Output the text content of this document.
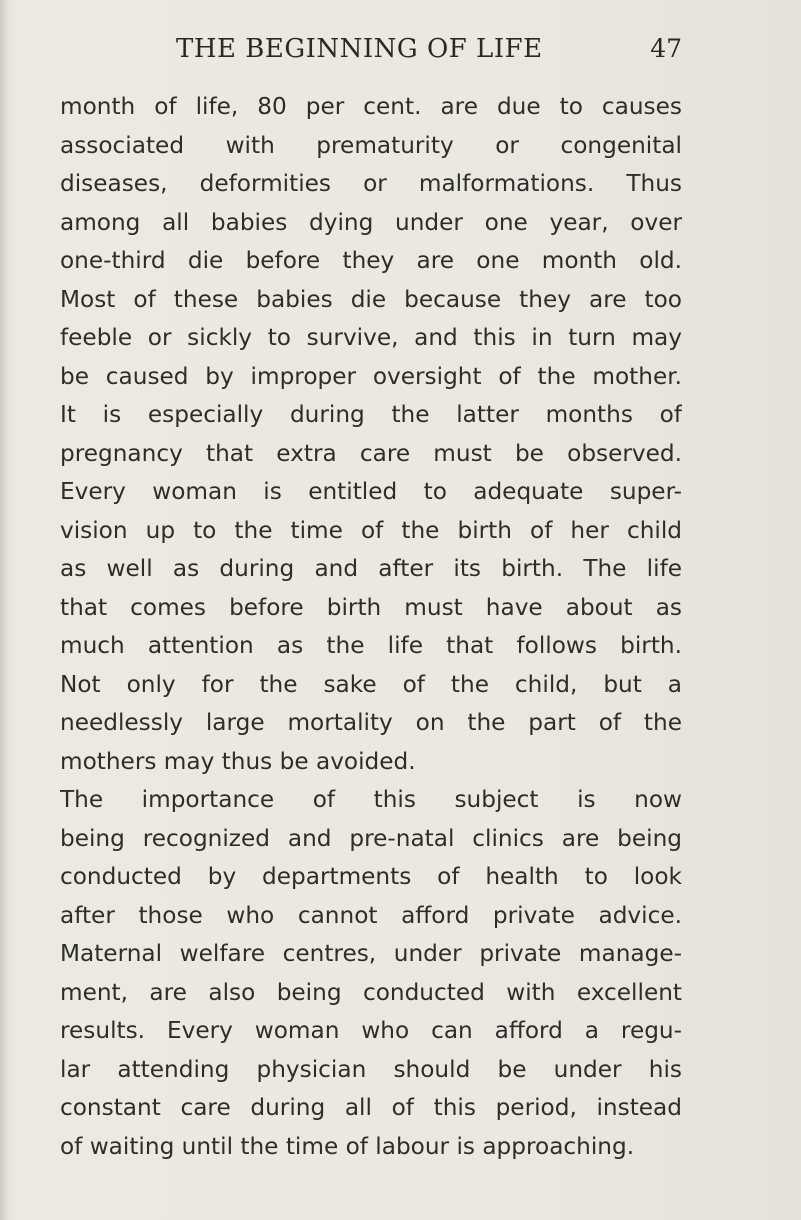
THE BEGINNING OF LIFE	47
month of life, 80 per cent. are due to causes
associated with prematurity or congenital
diseases, deformities or malformations. Thus
among all babies dying under one year, over
one-third die before they are one month old.
Most of these babies die because they are too
feeble or sickly to survive, and this in turn may
be caused by improper oversight of the mother.
It is especially during the latter months of
pregnancy that extra care must be observed.
Every woman is entitled to adequate super-
vision up to the time of the birth of her child
as well as during and after its birth. The life
that comes before birth must have about as
much attention as the life that follows birth.
Not only for the sake of the child, but a
needlessly large mortality on the part of the
mothers may thus be avoided.
The importance of this subject is now
being recognized and pre-natal clinics are being
conducted by departments of health to look
after those who cannot afford private advice.
Maternal welfare centres, under private manage-
ment, are also being conducted with excellent
results. Every woman who can afford a regu-
lar attending physician should be under his
constant care during all of this period, instead
of waiting until the time of labour is approaching.
